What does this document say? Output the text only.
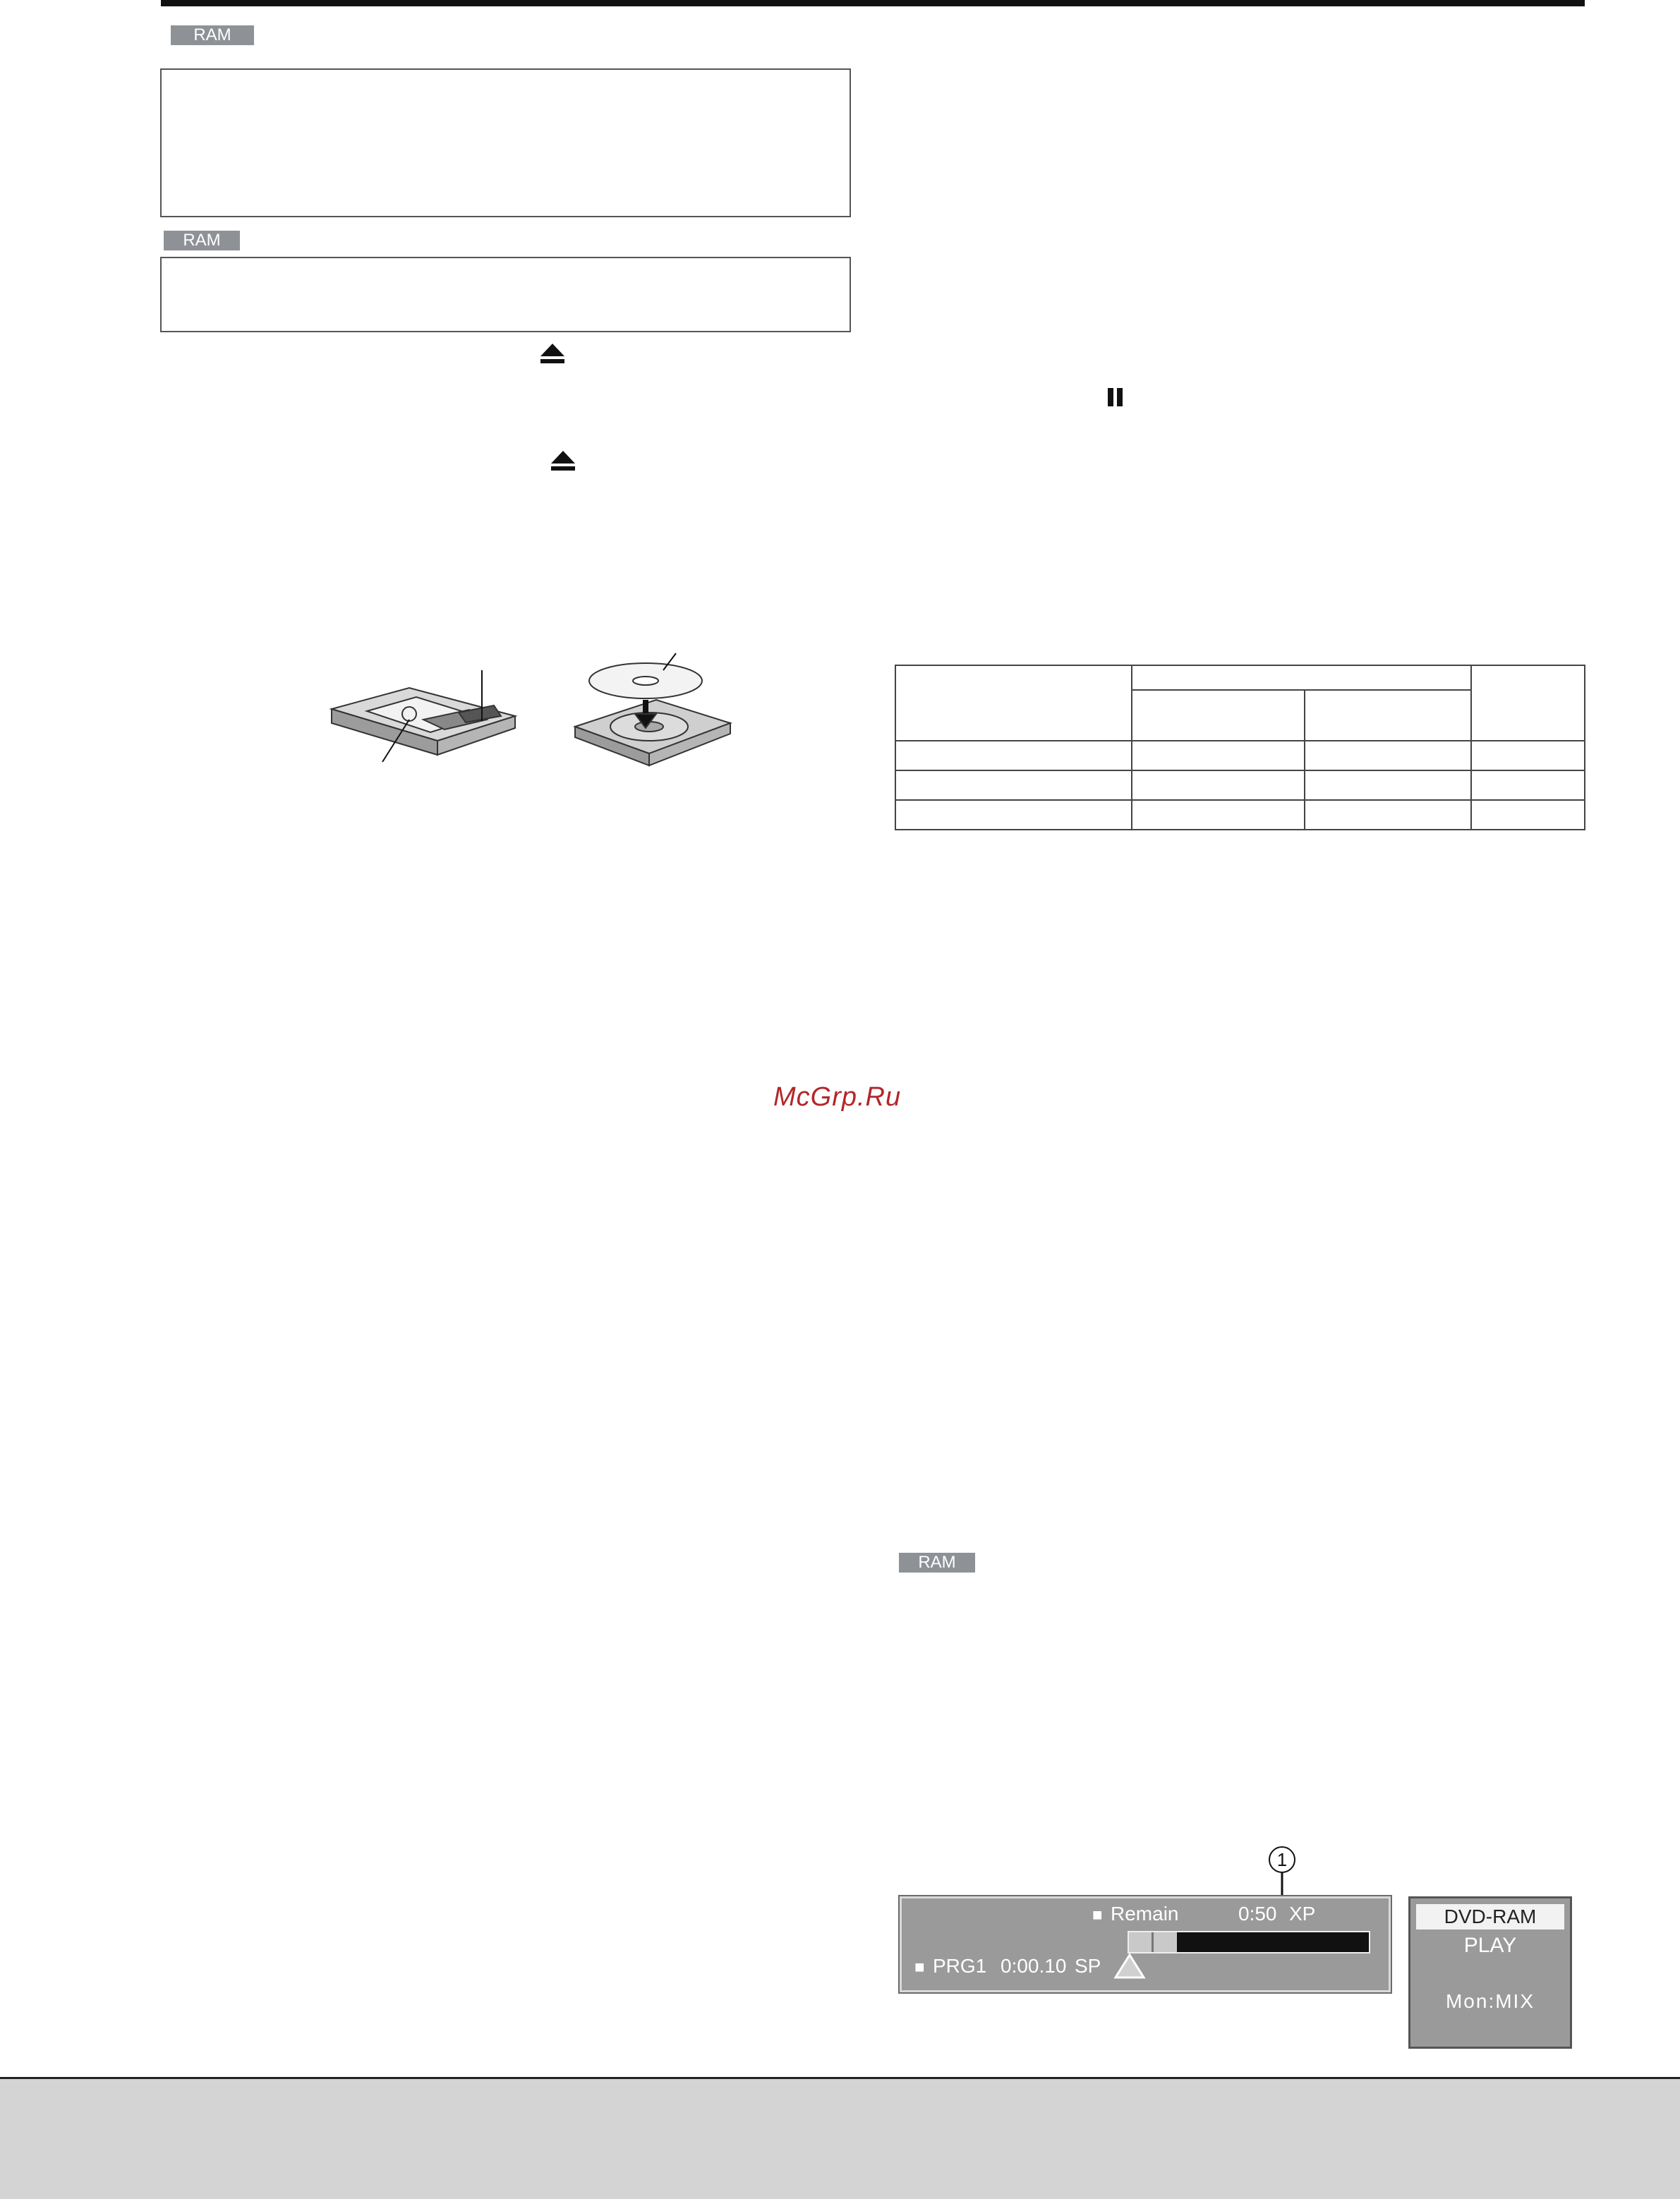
RAM
RAM

McGrp.Ru
RAM
1
■ Remain	0:50 XP
■ PRG1 0:00.10 SP
DVD-RAM
PLAY
Mon:MIX
